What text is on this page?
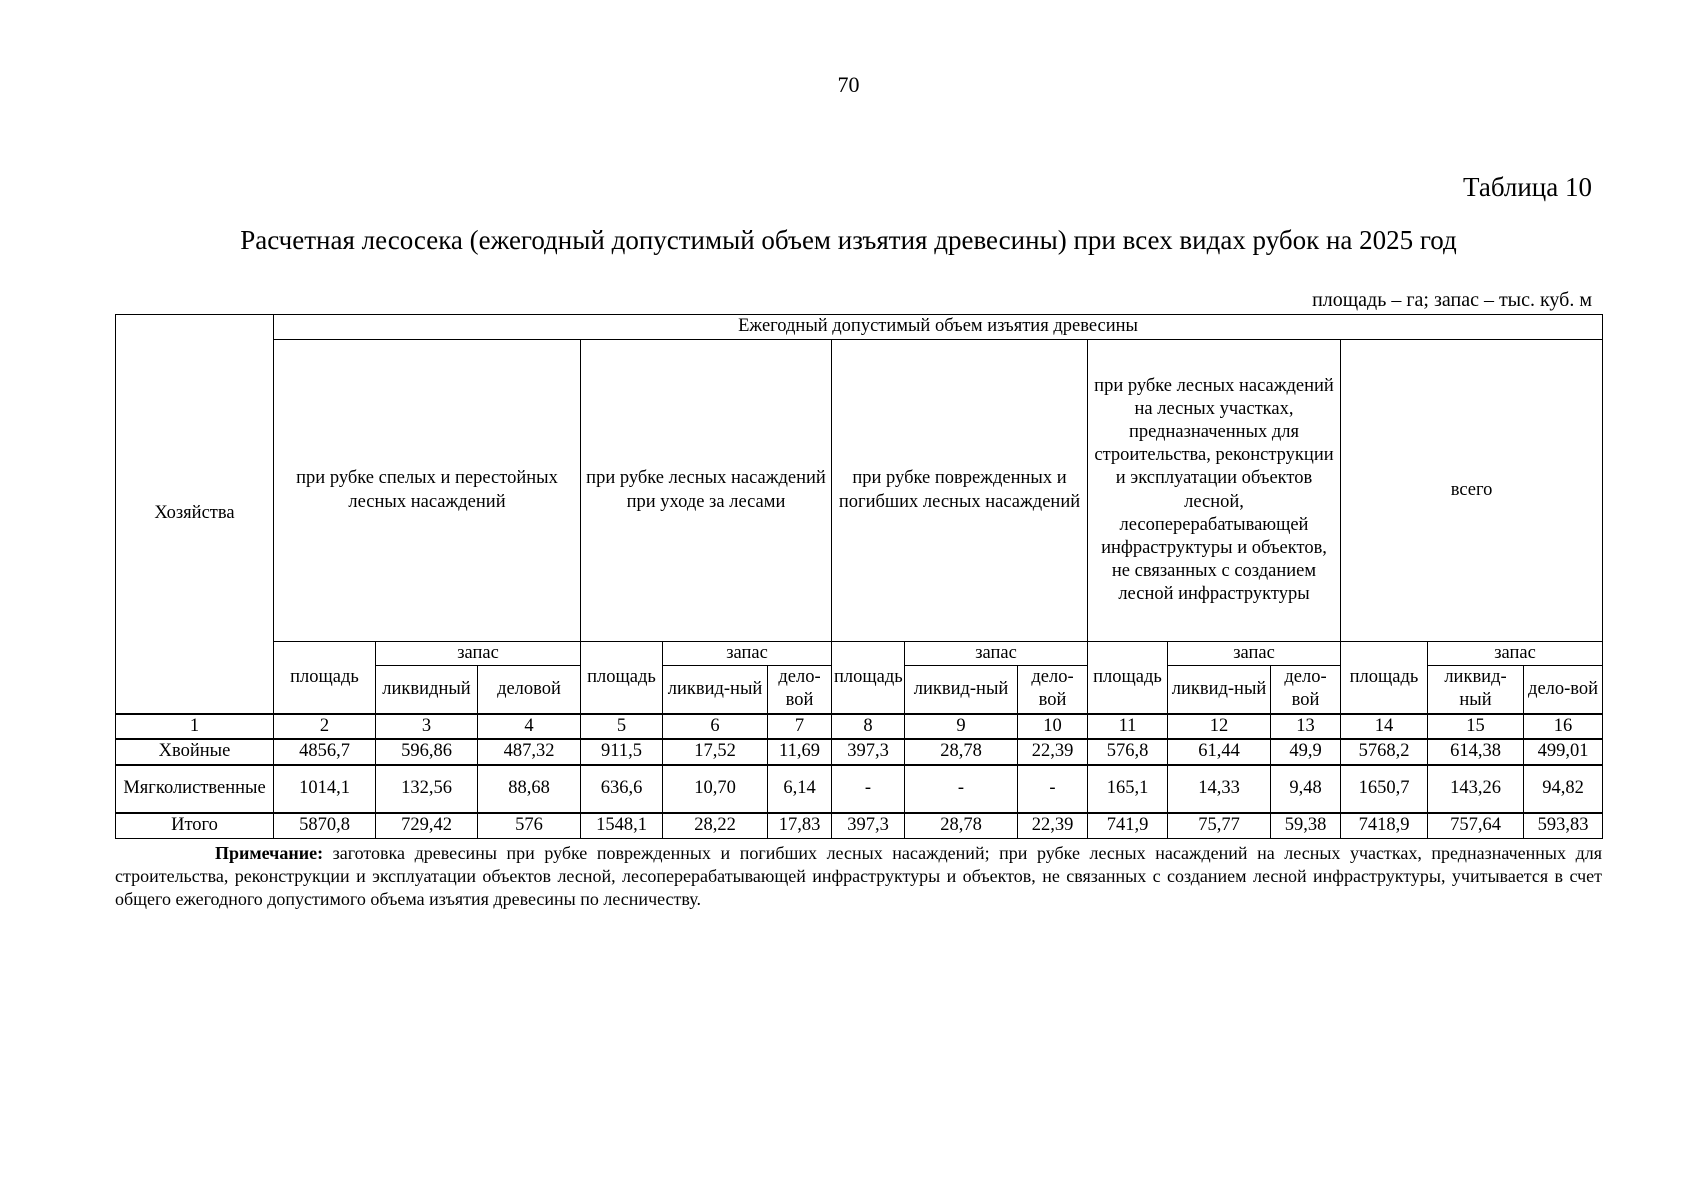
70
Таблица 10
Расчетная лесосека (ежегодный допустимый объем изъятия древесины) при всех видах рубок на 2025 год
площадь – га; запас – тыс. куб. м
Хозяйства	Ежегодный допустимый объем изъятия древесины														
	при рубке спелых и перестойных лесных насаждений			при рубке лесных насаждений при уходе за лесами			при рубке поврежденных и погибших лесных насаждений			при рубке лесных насаждений на лесных участках, предназначенных для строительства, реконструкции и эксплуатации объектов лесной, лесоперерабатывающей инфраструктуры и объектов, не связанных с созданием лесной инфраструктуры			всего		
	площадь	запас		площадь	запас		площадь	запас		площадь	запас		площадь	запас	
		ликвидный	деловой		ликвид-ный	дело-вой		ликвид-ный	дело-вой		ликвид-ный	дело-вой		ликвид-ный	дело-вой
1	2	3	4	5	6	7	8	9	10	11	12	13	14	15	16
Хвойные	4856,7	596,86	487,32	911,5	17,52	11,69	397,3	28,78	22,39	576,8	61,44	49,9	5768,2	614,38	499,01
Мягколиственные	1014,1	132,56	88,68	636,6	10,70	6,14	-	-	-	165,1	14,33	9,48	1650,7	143,26	94,82
Итого	5870,8	729,42	576	1548,1	28,22	17,83	397,3	28,78	22,39	741,9	75,77	59,38	7418,9	757,64	593,83
Примечание: заготовка древесины при рубке поврежденных и погибших лесных насаждений; при рубке лесных насаждений на лесных участках, предназначенных для строительства, реконструкции и эксплуатации объектов лесной, лесоперерабатывающей инфраструктуры и объектов, не связанных с созданием лесной инфраструктуры, учитывается в счет общего ежегодного допустимого объема изъятия древесины по лесничеству.
